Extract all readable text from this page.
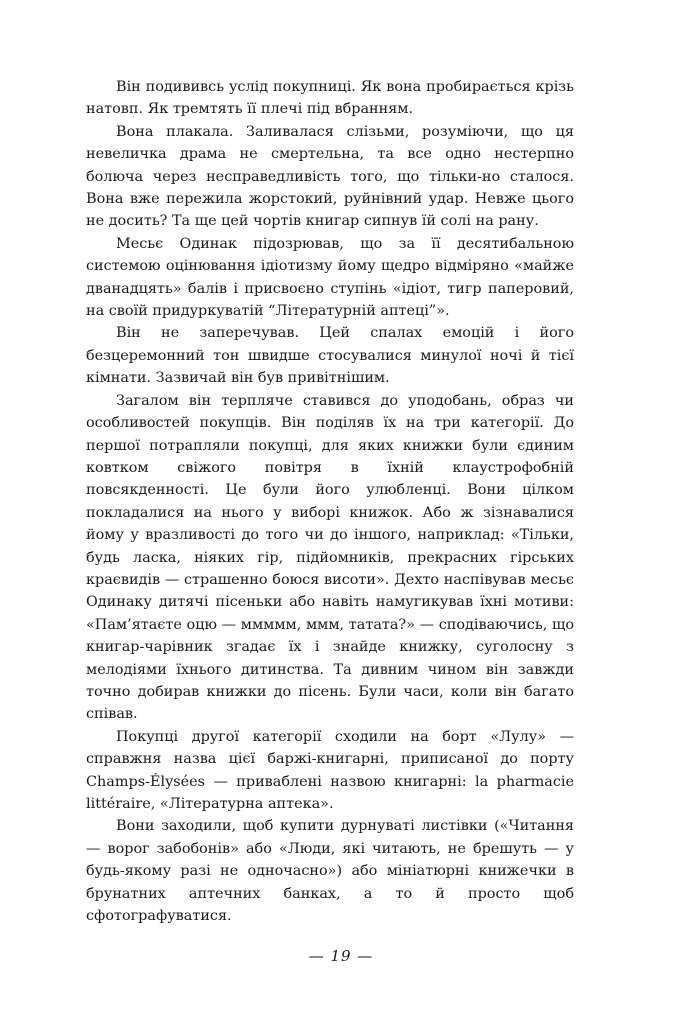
Він подививсь услід покупниці. Як вона пробирається крізь натовп. Як тремтять її плечі під вбранням.

Вона плакала. Заливалася слізьми, розуміючи, що ця невеличка драма не смертельна, та все одно нестерпно болюча через несправедливість того, що тільки-но сталося. Вона вже пережила жорстокий, руйнівний удар. Невже цього не досить? Та ще цей чортів книгар сипнув їй солі на рану.

Месьє Одинак підозрював, що за її десятибальною системою оцінювання ідіотизму йому щедро відміряно «майже дванадцять» балів і присвоєно ступінь «ідіот, тигр паперовий, на своїй придуркуватій “Літературній аптеці”».

Він не заперечував. Цей спалах емоцій і його безцеремонний тон швидше стосувалися минулої ночі й тієї кімнати. Зазвичай він був привітнішим.

Загалом він терпляче ставився до уподобань, образ чи особливостей покупців. Він поділяв їх на три категорії. До першої потрапляли покупці, для яких книжки були єдиним ковтком свіжого повітря в їхній клаустрофобній повсякденності. Це були його улюбленці. Вони цілком покладалися на нього у виборі книжок. Або ж зізнавалися йому у вразливості до того чи до іншого, наприклад: «Тільки, будь ласка, ніяких гір, підйомників, прекрасних гірських краєвидів — страшенно боюся висоти». Дехто наспівував месьє Одинаку дитячі пісеньки або навіть намугикував їхні мотиви: «Пам’ятаєте оцю — ммммм, ммм, татата?» — сподіваючись, що книгар-чарівник згадає їх і знайде книжку, суголосну з мелодіями їхнього дитинства. Та дивним чином він завжди точно добирав книжки до пісень. Були часи, коли він багато співав.

Покупці другої категорії сходили на борт «Лулу» — справжня назва цієї баржі-книгарні, приписаної до порту Champs-Élysées — приваблені назвою книгарні: la pharmacie littéraire, «Літературна аптека».

Вони заходили, щоб купити дурнуваті листівки («Читання — ворог забобонів» або «Люди, які читають, не брешуть — у будь-якому разі не одночасно») або мініатюрні книжечки в брунатних аптечних банках, а то й просто щоб сфотографуватися.

— 19 —
